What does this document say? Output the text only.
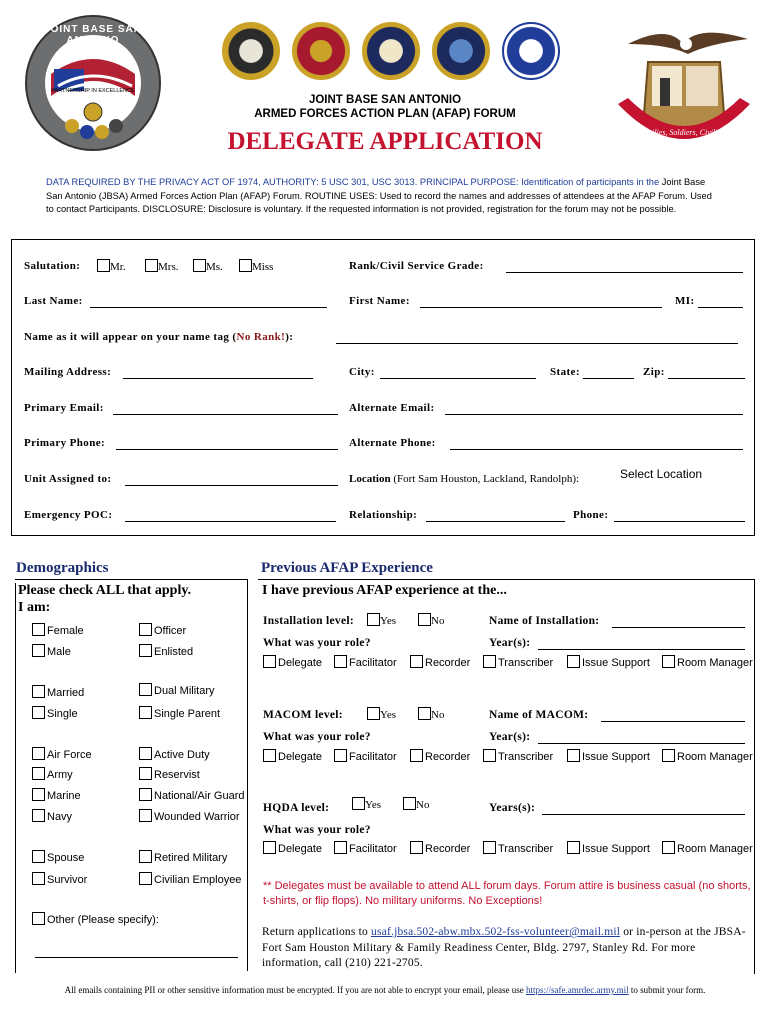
JOINT BASE SAN ANTONIO
PARTNERSHIP IN EXCELLENCE
Families, Soldiers, Civilians
JOINT BASE SAN ANTONIO
ARMED FORCES ACTION PLAN (AFAP) FORUM
DELEGATE APPLICATION
DATA REQUIRED BY THE PRIVACY ACT OF 1974, AUTHORITY: 5 USC 301, USC 3013. PRINCIPAL PURPOSE: Identification of participants in the Joint Base San Antonio (JBSA) Armed Forces Action Plan (AFAP) Forum. ROUTINE USES: Used to record the names and addresses of attendees at the AFAP Forum. Used to contact Participants. DISCLOSURE: Disclosure is voluntary. If the requested information is not provided, registration for the forum may not be possible.
Salutation:	Mr.	Mrs.	Ms.	Miss	Rank/Civil Service Grade:
Last Name:	First Name:	MI:
Name as it will appear on your name tag (No Rank!):
Mailing Address:	City:	State:	Zip:
Primary Email:	Alternate Email:
Primary Phone:	Alternate Phone:
Unit Assigned to:	Location (Fort Sam Houston, Lackland, Randolph):	Select Location
Emergency POC:	Relationship:	Phone:
Demographics
Please check ALL that apply.
I am:
Female
Male
Officer
Enlisted
Married
Single
Dual Military
Single Parent
Air Force
Army
Marine
Navy
Active Duty
Reservist
National/Air Guard
Wounded Warrior
Spouse
Survivor
Retired Military
Civilian Employee
Other (Please specify):
Previous AFAP Experience
I have previous AFAP experience at the...
Installation level:	Yes	No	Name of Installation:
What was your role?	Year(s):
Delegate	Facilitator	Recorder	Transcriber	Issue Support	Room Manager
MACOM level:	Yes	No	Name of MACOM:
What was your role?	Year(s):
Delegate	Facilitator	Recorder	Transcriber	Issue Support	Room Manager
HQDA level:	Yes	No	Years(s):
What was your role?
Delegate	Facilitator	Recorder	Transcriber	Issue Support	Room Manager
** Delegates must be available to attend ALL forum days. Forum attire is business casual (no shorts, t-shirts, or flip flops). No military uniforms. No Exceptions!
Return applications to usaf.jbsa.502-abw.mbx.502-fss-volunteer@mail.mil or in-person at the JBSA-Fort Sam Houston Military & Family Readiness Center, Bldg. 2797, Stanley Rd. For more information, call (210) 221-2705.
All emails containing PII or other sensitive information must be encrypted. If you are not able to encrypt your email, please use https://safe.amrdec.army.mil to submit your form.
